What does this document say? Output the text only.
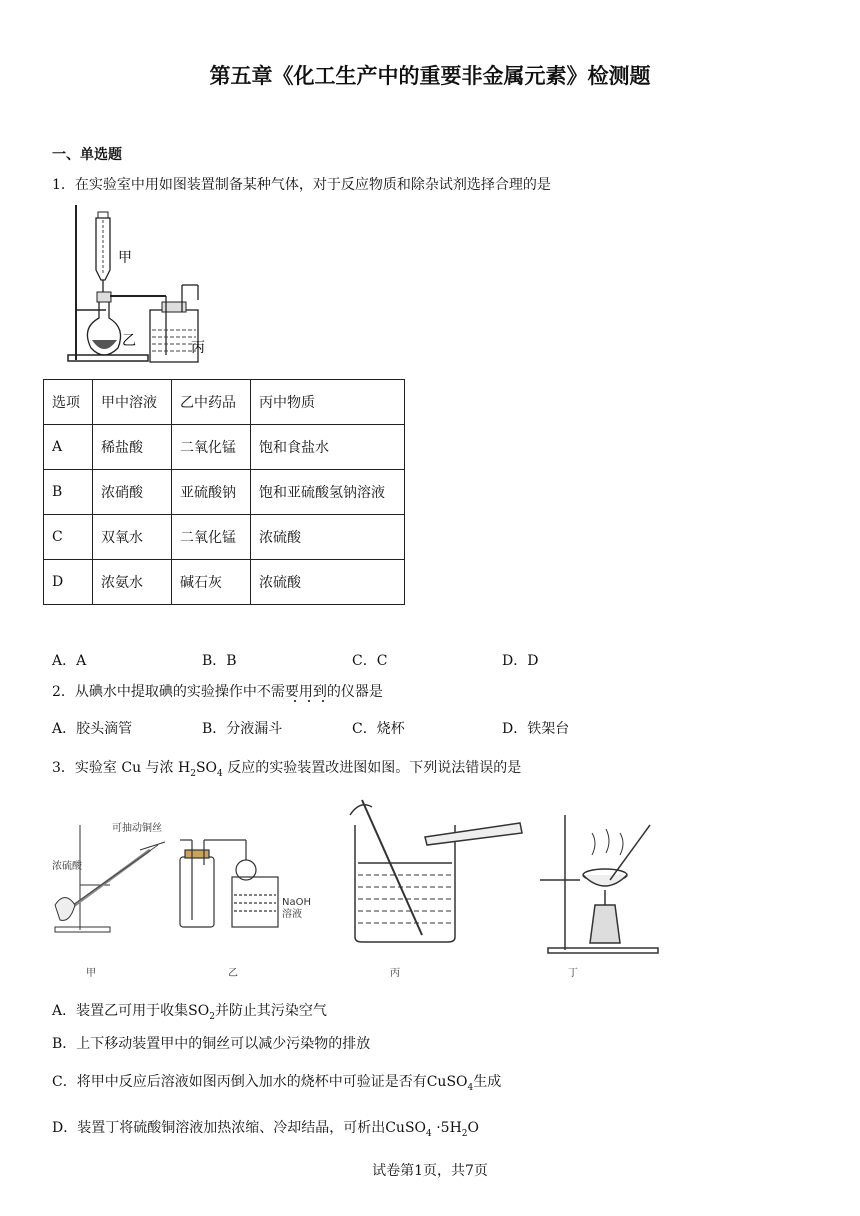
第五章《化工生产中的重要非金属元素》检测题
一、单选题
1．在实验室中用如图装置制备某种气体，对于反应物质和除杂试剂选择合理的是
甲
乙	丙
选项	甲中溶液	乙中药品	丙中物质
A	稀盐酸	二氧化锰	饱和食盐水
B	浓硝酸	亚硫酸钠	饱和亚硫酸氢钠溶液
C	双氧水	二氧化锰	浓硫酸
D	浓氨水	碱石灰	浓硫酸
A．A	B．B	C．C	D．D
2．从碘水中提取碘的实验操作中不需要用到的仪器是
A．胶头滴管	B．分液漏斗	C．烧杯	D．铁架台
3．实验室 Cu 与浓 $H_2SO_4$ 反应的实验装置改进图如图。下列说法错误的是
可抽动铜丝
浓硫酸
NaOH
溶液
甲	乙	丙	丁
A．装置乙可用于收集$SO_2$并防止其污染空气
B．上下移动装置甲中的铜丝可以减少污染物的排放
C．将甲中反应后溶液如图丙倒入加水的烧杯中可验证是否有CuSO$_4$生成
D．装置丁将硫酸铜溶液加热浓缩、冷却结晶，可析出CuSO$_4$ $\cdot 5H_2O$
试卷第1页，共7页
